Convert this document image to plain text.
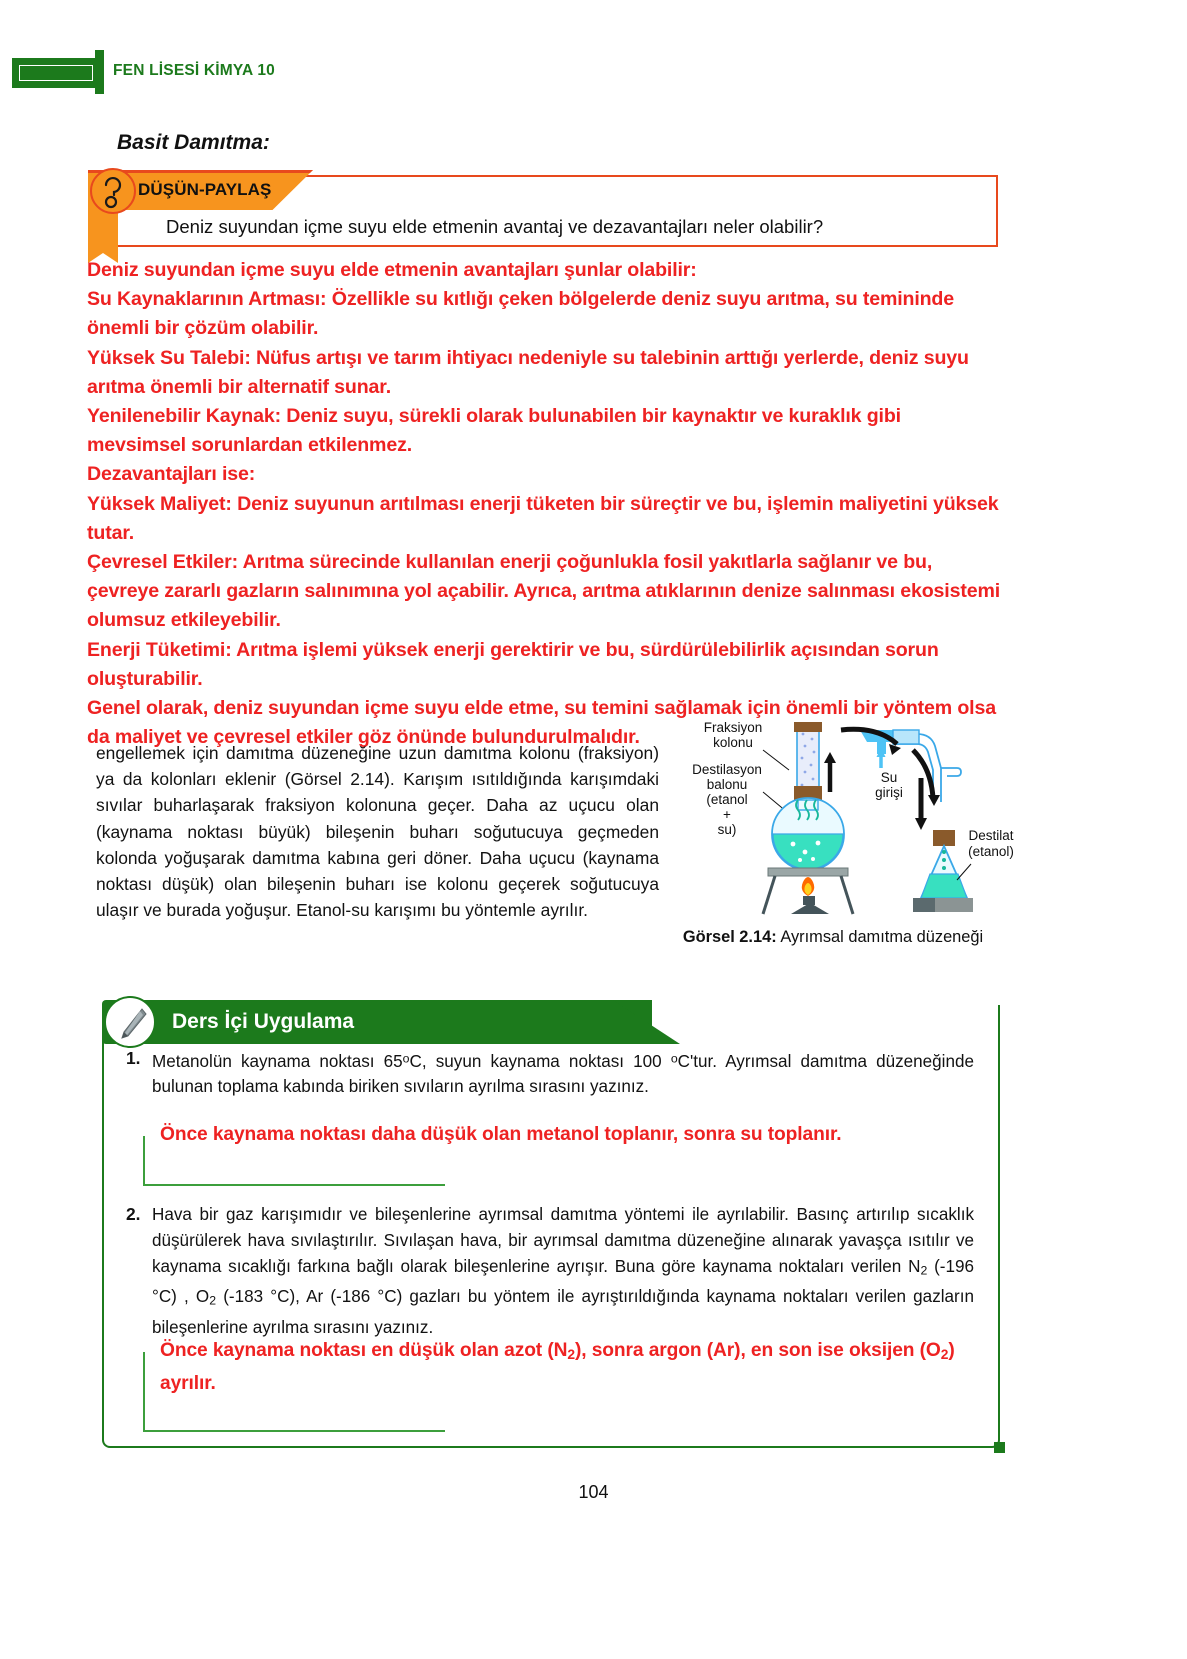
FEN LİSESİ KİMYA 10
Basit Damıtma:
DÜŞÜN-PAYLAŞ
Deniz suyundan içme suyu elde etmenin avantaj ve dezavantajları neler olabilir?

Deniz suyundan içme suyu elde etmenin avantajları şunlar olabilir:

Su Kaynaklarının Artması: Özellikle su kıtlığı çeken bölgelerde deniz suyu arıtma, su temininde önemli bir çözüm olabilir.

Yüksek Su Talebi: Nüfus artışı ve tarım ihtiyacı nedeniyle su talebinin arttığı yerlerde, deniz suyu arıtma önemli bir alternatif sunar.

Yenilenebilir Kaynak: Deniz suyu, sürekli olarak bulunabilen bir kaynaktır ve kuraklık gibi mevsimsel sorunlardan etkilenmez.

Dezavantajları ise:

Yüksek Maliyet: Deniz suyunun arıtılması enerji tüketen bir süreçtir ve bu, işlemin maliyetini yüksek tutar.

Çevresel Etkiler: Arıtma sürecinde kullanılan enerji çoğunlukla fosil yakıtlarla sağlanır ve bu, çevreye zararlı gazların salınımına yol açabilir. Ayrıca, arıtma atıklarının denize salınması ekosistemi olumsuz etkileyebilir.

Enerji Tüketimi: Arıtma işlemi yüksek enerji gerektirir ve bu, sürdürülebilirlik açısından sorun oluşturabilir.

Genel olarak, deniz suyundan içme suyu elde etme, su temini sağlamak için önemli bir yöntem olsa da maliyet ve çevresel etkiler göz önünde bulundurulmalıdır.

engellemek için damıtma düzeneğine uzun damıtma kolonu (fraksiyon) ya da kolonları eklenir (Görsel 2.14). Karışım ısıtıldığında karışımdaki sıvılar buharlaşarak fraksiyon kolonuna geçer. Daha az uçucu olan (kaynama noktası büyük) bileşenin buharı soğutucuya geçmeden kolonda yoğuşarak damıtma kabına geri döner. Daha uçucu (kaynama noktası düşük) olan bileşenin buharı ise kolonu geçerek soğutucuya ulaşır ve burada yoğuşur. Etanol-su karışımı bu yöntemle ayrılır.
Fraksiyon
kolonu
Destilasyon
balonu
(etanol
+
su)
Su
girişi
Destilat
(etanol)
Görsel 2.14: Ayrımsal damıtma düzeneği
Ders İçi Uygulama
1. Metanolün kaynama noktası 65$^o$C, suyun kaynama noktası 100 $^o$C'tur. Ayrımsal damıtma düzeneğinde bulunan toplama kabında biriken sıvıların ayrılma sırasını yazınız.
Önce kaynama noktası daha düşük olan metanol toplanır, sonra su toplanır.
2. Hava bir gaz karışımıdır ve bileşenlerine ayrımsal damıtma yöntemi ile ayrılabilir. Basınç artırılıp sıcaklık düşürülerek hava sıvılaştırılır. Sıvılaşan hava, bir ayrımsal damıtma düzeneğine alınarak yavaşça ısıtılır ve kaynama sıcaklığı farkına bağlı olarak bileşenlerine ayrışır. Buna göre kaynama noktaları verilen $N_2$ (-196 °C) , $O_2$ (-183 °C), Ar (-186 °C) gazları bu yöntem ile ayrıştırıldığında kaynama noktaları verilen gazların bileşenlerine ayrılma sırasını yazınız.
Önce kaynama noktası en düşük olan azot $(N_2)$, sonra argon (Ar), en son ise oksijen $(O_2)$ ayrılır.
104
